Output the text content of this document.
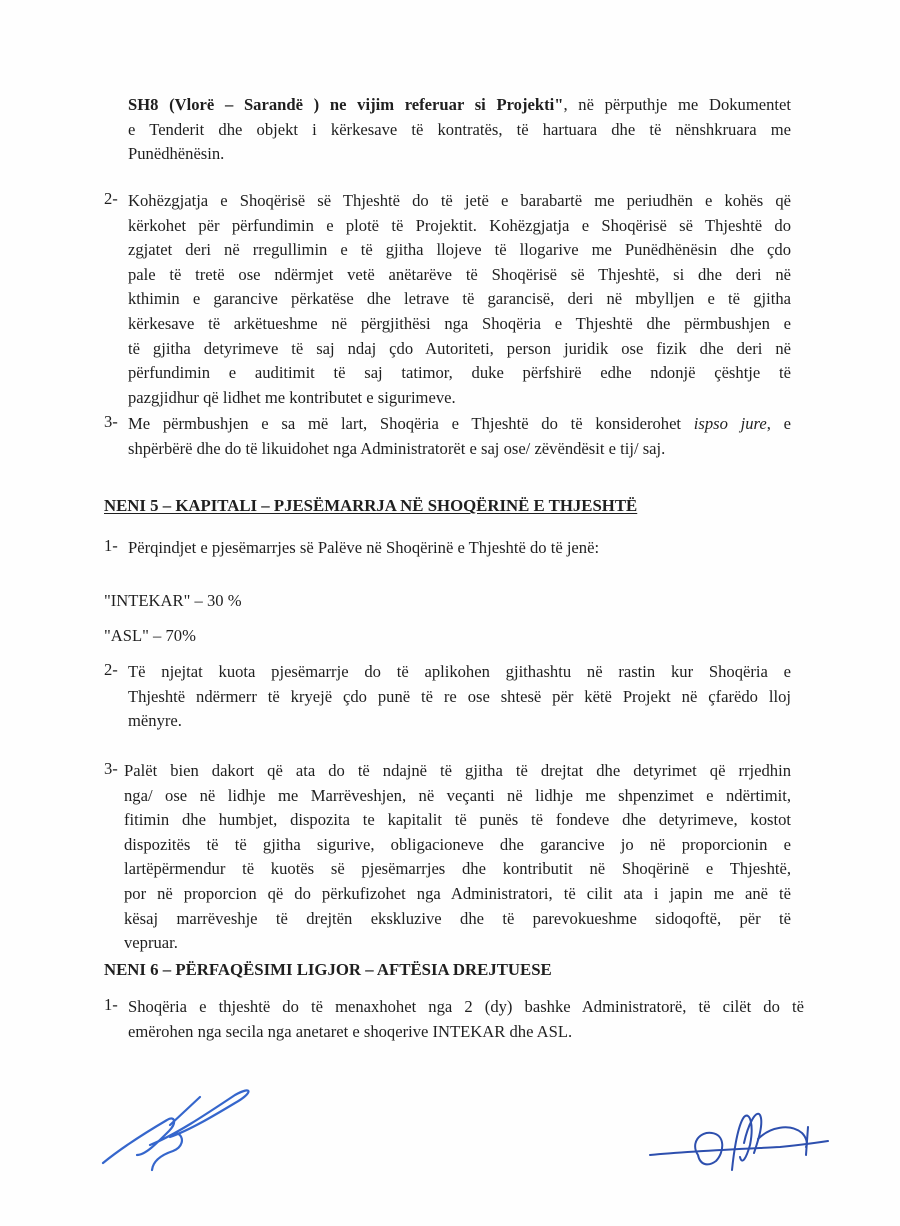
SH8 (Vlorë – Sarandë ) ne vijim referuar si Projekti", në përputhje me Dokumentet
e Tenderit dhe objekt i kërkesave të kontratës, të hartuara dhe të nënshkruara me
Punëdhënësin.
2- Kohëzgjatja e Shoqërisë së Thjeshtë do të jetë e barabartë me periudhën e kohës që
kërkohet për përfundimin e plotë të Projektit. Kohëzgjatja e Shoqërisë së Thjeshtë do
zgjatet deri në rregullimin e të gjitha llojeve të llogarive me Punëdhënësin dhe çdo
pale të tretë ose ndërmjet vetë anëtarëve të Shoqërisë së Thjeshtë, si dhe deri në
kthimin e garancive përkatëse dhe letrave të garancisë, deri në mbylljen e të gjitha
kërkesave të arkëtueshme në përgjithësi nga Shoqëria e Thjeshtë dhe përmbushjen e
të gjitha detyrimeve të saj ndaj çdo Autoriteti, person juridik ose fizik dhe deri në
përfundimin e auditimit të saj tatimor, duke përfshirë edhe ndonjë çështje të
pazgjidhur që lidhet me kontributet e sigurimeve.
3- Me përmbushjen e sa më lart, Shoqëria e Thjeshtë do të konsiderohet ispso jure, e
shpërbërë dhe do të likuidohet nga Administratorët e saj ose/ zëvëndësit e tij/ saj.
NENI 5 – KAPITALI – PJESËMARRJA NË SHOQËRINË E THJESHTË
1- Përqindjet e pjesëmarrjes së Palëve në Shoqërinë e Thjeshtë do të jenë:
"INTEKAR" – 30 %
"ASL" – 70%
2- Të njejtat kuota pjesëmarrje do të aplikohen gjithashtu në rastin kur Shoqëria e
Thjeshtë ndërmerr të kryejë çdo punë të re ose shtesë për këtë Projekt në çfarëdo lloj
mënyre.
3- Palët bien dakort që ata do të ndajnë të gjitha të drejtat dhe detyrimet që rrjedhin
nga/ ose në lidhje me Marrëveshjen, në veçanti në lidhje me shpenzimet e ndërtimit,
fitimin dhe humbjet, dispozita te kapitalit të punës të fondeve dhe detyrimeve, kostot
dispozitës të të gjitha sigurive, obligacioneve dhe garancive jo në proporcionin e
lartëpërmendur të kuotës së pjesëmarrjes dhe kontributit në Shoqërinë e Thjeshtë,
por në proporcion që do përkufizohet nga Administratori, të cilit ata i japin me anë të
kësaj marrëveshje të drejtën ekskluzive dhe të parevokueshme sidoqoftë, për të
vepruar.
NENI 6 – PËRFAQËSIMI LIGJOR – AFTËSIA DREJTUESE
1- Shoqëria e thjeshtë do të menaxhohet nga 2 (dy) bashke Administratorë, të cilët do të
emërohen nga secila nga anetaret e shoqerive INTEKAR dhe ASL.
